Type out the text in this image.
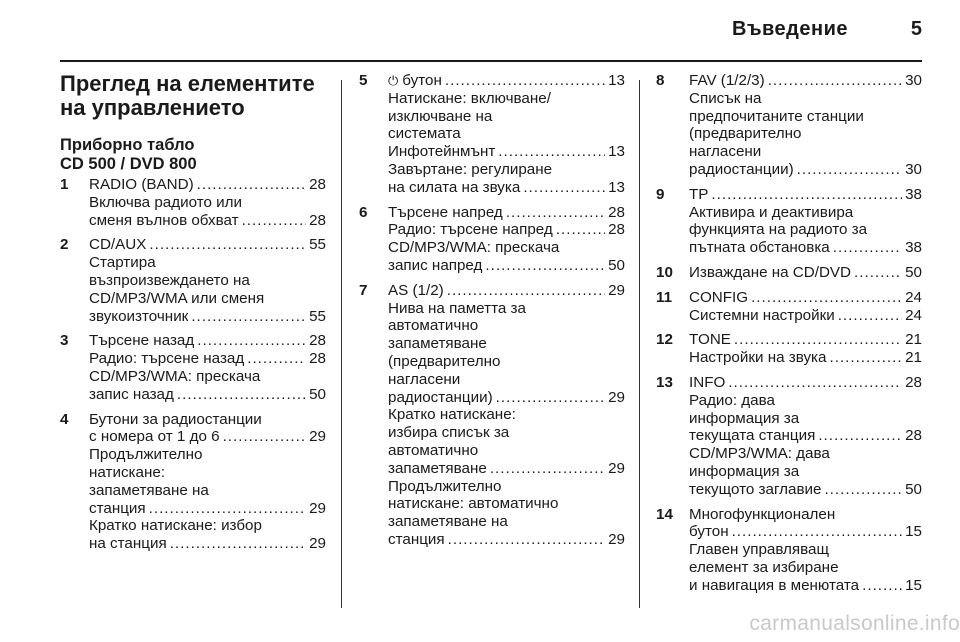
Въведение	5
Преглед на елементите
на управлението
Приборно табло
CD 500 / DVD 800
1 RADIO (BAND) .....	28
Включва радиото или
сменя вълнов обхват .....	28
2 CD/AUX .....	55
Стартира
възпроизвеждането на
CD/MP3/WMA или сменя
звукоизточник .....	55
3 Търсене назад .....	28
Радио: търсене назад .....	28
CD/MP3/WMA: прескача
запис назад .....	50
4 Бутони за радиостанции
с номера от 1 до 6 .....	29
Продължително
натискане:
запаметяване на
станция .....	29
Кратко натискане: избор
на станция .....	29
5 ⏻ бутон .....	13
Натискане: включване/
изключване на
системата
Инфотейнмънт .....	13
Завъртане: регулиране
на силата на звука .....	13
6 Търсене напред .....	28
Радио: търсене напред .....	28
CD/MP3/WMA: прескача
запис напред .....	50
7 AS (1/2) .....	29
Нива на паметта за
автоматично
запаметяване
(предварително
нагласени
радиостанции) .....	29
Кратко натискане:
избира списък за
автоматично
запаметяване .....	29
Продължително
натискане: автоматично
запаметяване на
станция .....	29
8 FAV (1/2/3) .....	30
Списък на
предпочитаните станции
(предварително
нагласени
радиостанции) .....	30
9 TP .....	38
Активира и деактивира
функцията на радиото за
пътната обстановка .....	38
10 Изваждане на CD/DVD .....	50
11 CONFIG .....	24
Системни настройки .....	24
12 TONE .....	21
Настройки на звука .....	21
13 INFO .....	28
Радио: дава
информация за
текущата станция .....	28
CD/MP3/WMA: дава
информация за
текущото заглавие .....	50
14 Многофункционален
бутон .....	15
Главен управляващ
елемент за избиране
и навигация в менютата .....	15
carmanualsonline.info
